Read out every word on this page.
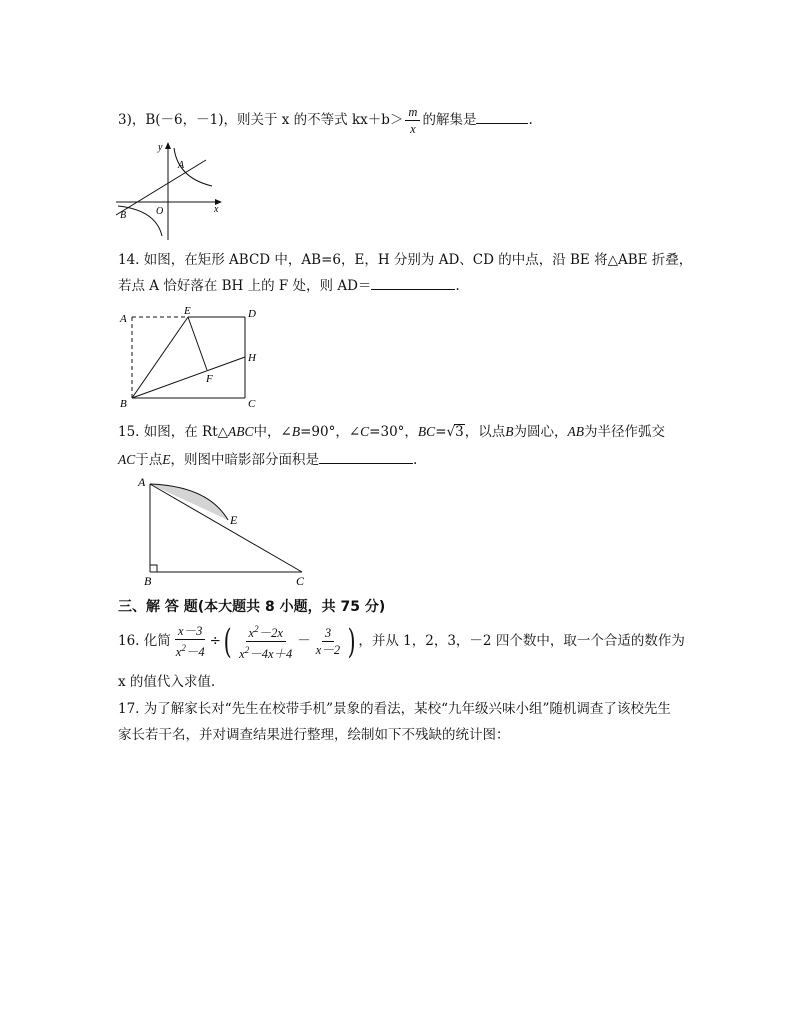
3)，B(－6，－1)，则关于 x 的不等式 $kx+b> \frac{m}{x}$ 的解集是	.
y
x
O
A
B
14. 如图，在矩形 ABCD 中，AB=6，E，H 分别为 AD、CD 的中点，沿 BE 将△ABE 折叠，
若点 A 恰好落在 BH 上的 F 处，则 AD＝	.
A
B	C
D
E
F
H
15. 如图，在 Rt△ABC中，∠B=90°，∠C=30°，BC=√3，以点B为圆心，AB为半径作弧交
AC于点E，则图中暗影部分面积是	.
A
B	C
E
三、解 答 题(本大题共 8 小题，共 75 分)
16. 化简 $\frac{x-3}{x^2-4}$ ÷( $\frac{x^2-2x}{x^2-4x+4} - \frac{3}{x-2}$ ) ，并从 1，2，3，－2 四个数中，取一个合适的数作为
x 的值代入求值.
17. 为了解家长对“先生在校带手机”景象的看法，某校“九年级兴味小组”随机调查了该校先生
家长若干名，并对调查结果进行整理，绘制如下不残缺的统计图：
